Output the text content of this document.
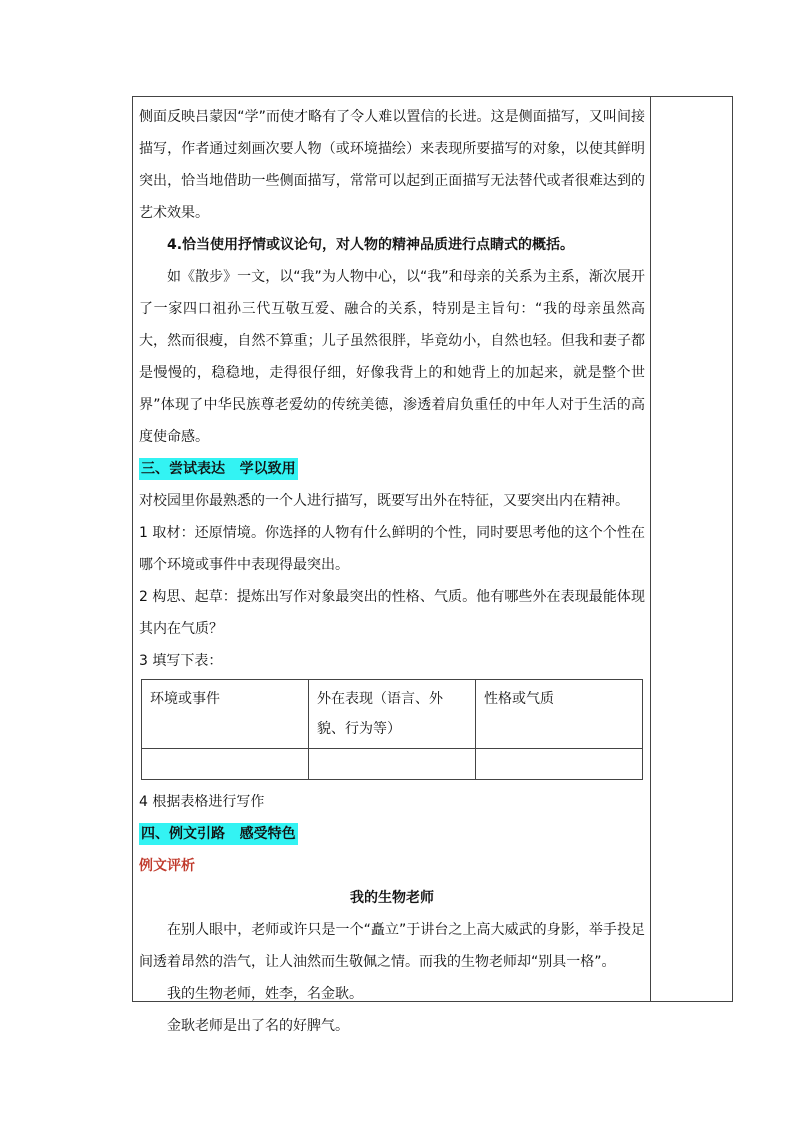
侧面反映吕蒙因“学”而使才略有了令人难以置信的长进。这是侧面描写，又叫间接描写，作者通过刻画次要人物（或环境描绘）来表现所要描写的对象，以使其鲜明突出，恰当地借助一些侧面描写，常常可以起到正面描写无法替代或者很难达到的艺术效果。

4.恰当使用抒情或议论句，对人物的精神品质进行点睛式的概括。

如《散步》一文，以“我”为人物中心，以“我”和母亲的关系为主系，渐次展开了一家四口祖孙三代互敬互爱、融合的关系，特别是主旨句：“我的母亲虽然高大，然而很瘦，自然不算重；儿子虽然很胖，毕竟幼小，自然也轻。但我和妻子都是慢慢的，稳稳地，走得很仔细，好像我背上的和她背上的加起来，就是整个世界”体现了中华民族尊老爱幼的传统美德，渗透着肩负重任的中年人对于生活的高度使命感。

三、尝试表达   学以致用

对校园里你最熟悉的一个人进行描写，既要写出外在特征，又要突出内在精神。

1 取材：还原情境。你选择的人物有什么鲜明的个性，同时要思考他的这个个性在哪个环境或事件中表现得最突出。

2 构思、起草：提炼出写作对象最突出的性格、气质。他有哪些外在表现最能体现其内在气质？

3 填写下表：

环境或事件	外在表现（语言、外貌、行为等）	性格或气质

4 根据表格进行写作

四、例文引路   感受特色

例文评析

我的生物老师

在别人眼中，老师或许只是一个“矗立”于讲台之上高大威武的身影，举手投足间透着昂然的浩气，让人油然而生敬佩之情。而我的生物老师却“别具一格”。

我的生物老师，姓李，名金耿。

金耿老师是出了名的好脾气。
